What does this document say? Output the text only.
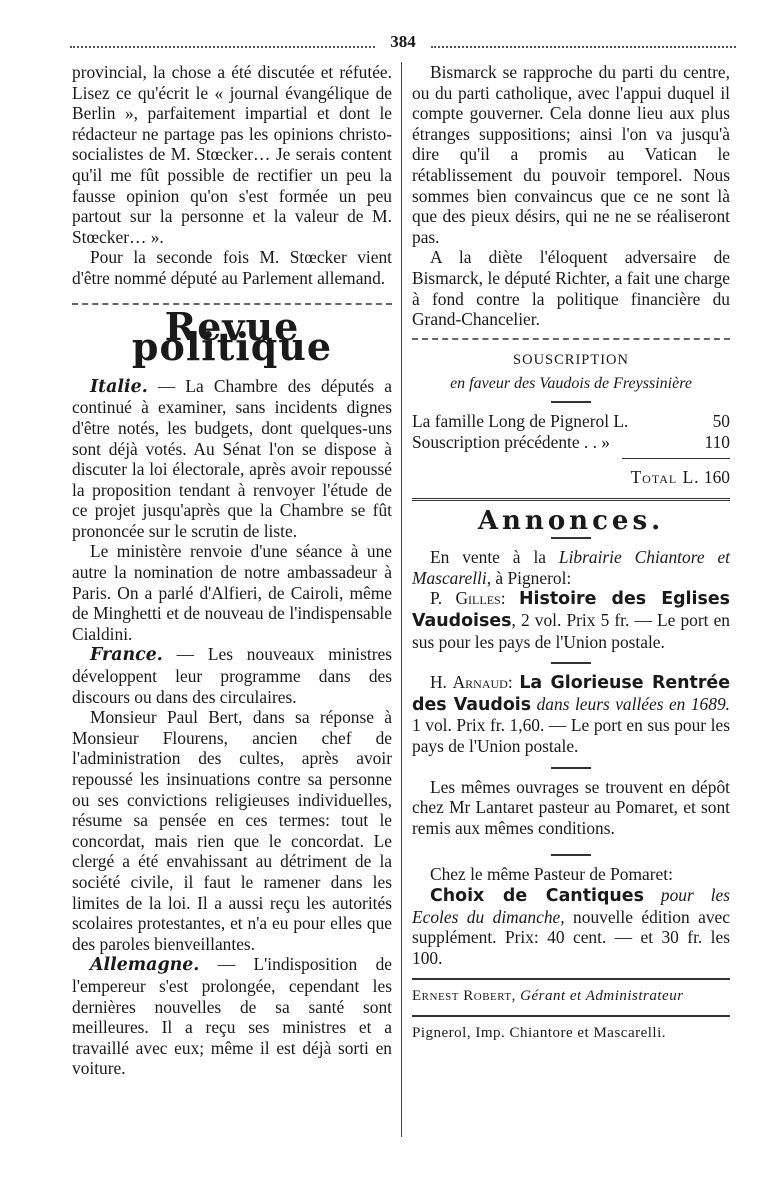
384

provincial, la chose a été discutée et réfutée. Lisez ce qu'écrit le « journal évangélique de Berlin », parfaitement impartial et dont le rédacteur ne partage pas les opinions christo-socialistes de M. Stœcker… Je serais content qu'il me fût possible de rectifier un peu la fausse opinion qu'on s'est formée un peu partout sur la personne et la valeur de M. Stœcker… ».

Pour la seconde fois M. Stœcker vient d'être nommé député au Parlement allemand.

Revue politique

Italie. — La Chambre des députés a continué à examiner, sans incidents dignes d'être notés, les budgets, dont quelques-uns sont déjà votés. Au Sénat l'on se dispose à discuter la loi électorale, après avoir repoussé la proposition tendant à renvoyer l'étude de ce projet jusqu'après que la Chambre se fût prononcée sur le scrutin de liste.

Le ministère renvoie d'une séance à une autre la nomination de notre ambassadeur à Paris. On a parlé d'Alfieri, de Cairoli, même de Minghetti et de nouveau de l'indispensable Cialdini.

France. — Les nouveaux ministres développent leur programme dans des discours ou dans des circulaires.

Monsieur Paul Bert, dans sa réponse à Monsieur Flourens, ancien chef de l'administration des cultes, après avoir repoussé les insinuations contre sa personne ou ses convictions religieuses individuelles, résume sa pensée en ces termes: tout le concordat, mais rien que le concordat. Le clergé a été envahissant au détriment de la société civile, il faut le ramener dans les limites de la loi. Il a aussi reçu les autorités scolaires protestantes, et n'a eu pour elles que des paroles bienveillantes.

Allemagne. — L'indisposition de l'empereur s'est prolongée, cependant les dernières nouvelles de sa santé sont meilleures. Il a reçu ses ministres et a travaillé avec eux; même il est déjà sorti en voiture.

Bismarck se rapproche du parti du centre, ou du parti catholique, avec l'appui duquel il compte gouverner. Cela donne lieu aux plus étranges suppositions; ainsi l'on va jusqu'à dire qu'il a promis au Vatican le rétablissement du pouvoir temporel. Nous sommes bien convaincus que ce ne sont là que des pieux désirs, qui ne ne se réaliseront pas.

A la diète l'éloquent adversaire de Bismarck, le député Richter, a fait une charge à fond contre la politique financière du Grand-Chancelier.

SOUSCRIPTION
en faveur des Vaudois de Freyssinière
La famille Long de Pignerol L.	50
Souscription précédente . . »	110
Total L. 160
Annonces.

En vente à la Librairie Chiantore et Mascarelli, à Pignerol:

P. Gilles: Histoire des Eglises Vaudoises, 2 vol. Prix 5 fr. — Le port en sus pour les pays de l'Union postale.

H. Arnaud: La Glorieuse Rentrée des Vaudois dans leurs vallées en 1689. 1 vol. Prix fr. 1,60. — Le port en sus pour les pays de l'Union postale.

Les mêmes ouvrages se trouvent en dépôt chez Mr Lantaret pasteur au Pomaret, et sont remis aux mêmes conditions.

Chez le même Pasteur de Pomaret:

Choix de Cantiques pour les Ecoles du dimanche, nouvelle édition avec supplément. Prix: 40 cent. — et 30 fr. les 100.

Ernest Robert, Gérant et Administrateur
Pignerol, Imp. Chiantore et Mascarelli.
